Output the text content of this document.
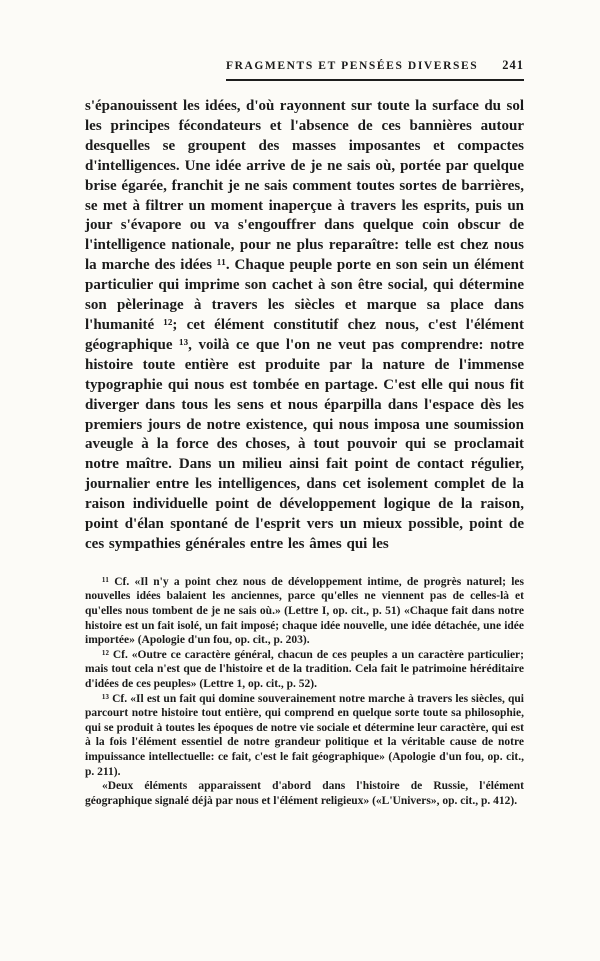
FRAGMENTS ET PENSÉES DIVERSES 241

s'épanouissent les idées, d'où rayonnent sur toute la surface du sol les principes fécondateurs et l'absence de ces bannières autour desquelles se groupent des masses imposantes et compactes d'intelligences. Une idée arrive de je ne sais où, portée par quelque brise égarée, franchit je ne sais comment toutes sortes de barrières, se met à filtrer un moment inaperçue à travers les esprits, puis un jour s'évapore ou va s'engouffrer dans quelque coin obscur de l'intelligence nationale, pour ne plus reparaître: telle est chez nous la marche des idées ¹¹. Chaque peuple porte en son sein un élément particulier qui imprime son cachet à son être social, qui détermine son pèlerinage à travers les siècles et marque sa place dans l'humanité ¹²; cet élément constitutif chez nous, c'est l'élément géographique ¹³, voilà ce que l'on ne veut pas comprendre: notre histoire toute entière est produite par la nature de l'immense typographie qui nous est tombée en partage. C'est elle qui nous fit diverger dans tous les sens et nous éparpilla dans l'espace dès les premiers jours de notre existence, qui nous imposa une soumission aveugle à la force des choses, à tout pouvoir qui se proclamait notre maître. Dans un milieu ainsi fait point de contact régulier, journalier entre les intelligences, dans cet isolement complet de la raison individuelle point de développement logique de la raison, point d'élan spontané de l'esprit vers un mieux possible, point de ces sympathies générales entre les âmes qui les

¹¹ Cf. «Il n'y a point chez nous de développement intime, de progrès naturel; les nouvelles idées balaient les anciennes, parce qu'elles ne viennent pas de celles-là et qu'elles nous tombent de je ne sais où.» (Lettre I, op. cit., p. 51) «Chaque fait dans notre histoire est un fait isolé, un fait imposé; chaque idée nouvelle, une idée détachée, une idée importée» (Apologie d'un fou, op. cit., p. 203).

¹² Cf. «Outre ce caractère général, chacun de ces peuples a un caractère particulier; mais tout cela n'est que de l'histoire et de la tradition. Cela fait le patrimoine héréditaire d'idées de ces peuples» (Lettre 1, op. cit., p. 52).

¹³ Cf. «Il est un fait qui domine souverainement notre marche à travers les siècles, qui parcourt notre histoire tout entière, qui comprend en quelque sorte toute sa philosophie, qui se produit à toutes les époques de notre vie sociale et détermine leur caractère, qui est à la fois l'élément essentiel de notre grandeur politique et la véritable cause de notre impuissance intellectuelle: ce fait, c'est le fait géographique» (Apologie d'un fou, op. cit., p. 211).

«Deux éléments apparaissent d'abord dans l'histoire de Russie, l'élément géographique signalé déjà par nous et l'élément religieux» («L'Univers», op. cit., p. 412).
